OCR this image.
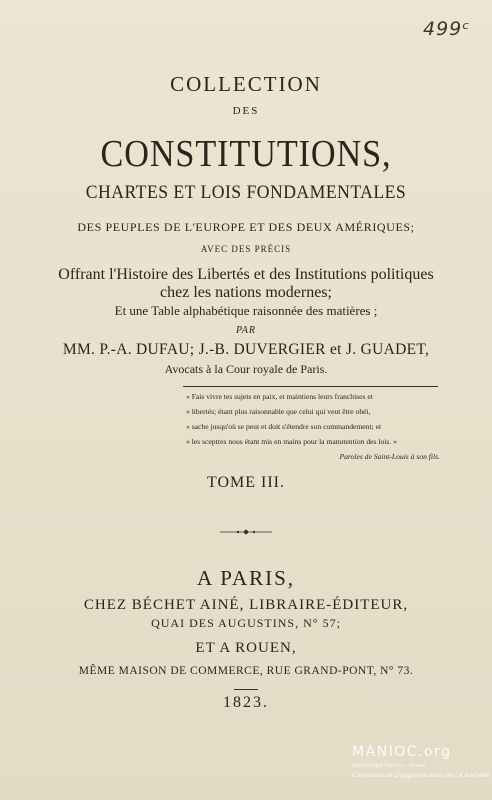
499ᶜ
COLLECTION
DES
CONSTITUTIONS,
CHARTES ET LOIS FONDAMENTALES
DES PEUPLES DE L'EUROPE ET DES DEUX AMÉRIQUES;
AVEC DES PRÉCIS
Offrant l'Histoire des Libertés et des Institutions politiques
chez les nations modernes;
Et une Table alphabétique raisonnée des matières ;
PAR
MM. P.-A. DUFAU; J.-B. DUVERGIER et J. GUADET,
Avocats à la Cour royale de Paris.
« Fais vivre tes sujets en paix, et maintiens leurs franchises et
» libertés; étant plus raisonnable que celui qui veut être obéi,
» sache jusqu'où se peut et doit s'étendre son commandement; et
» les sceptres nous étant mis en mains pour la manutention des lois. »
Paroles de Saint-Louis à son fils.
TOME III.
A PARIS,
CHEZ BÉCHET AINÉ, LIBRAIRE-ÉDITEUR,
QUAI DES AUGUSTINS, N° 57;
ET A ROUEN,
MÊME MAISON DE COMMERCE, RUE GRAND-PONT, N° 73.
1823.
MANIOC.org
Bibliothèque Manioc – réseau
Communauté d'agglomération de La Rochelle
